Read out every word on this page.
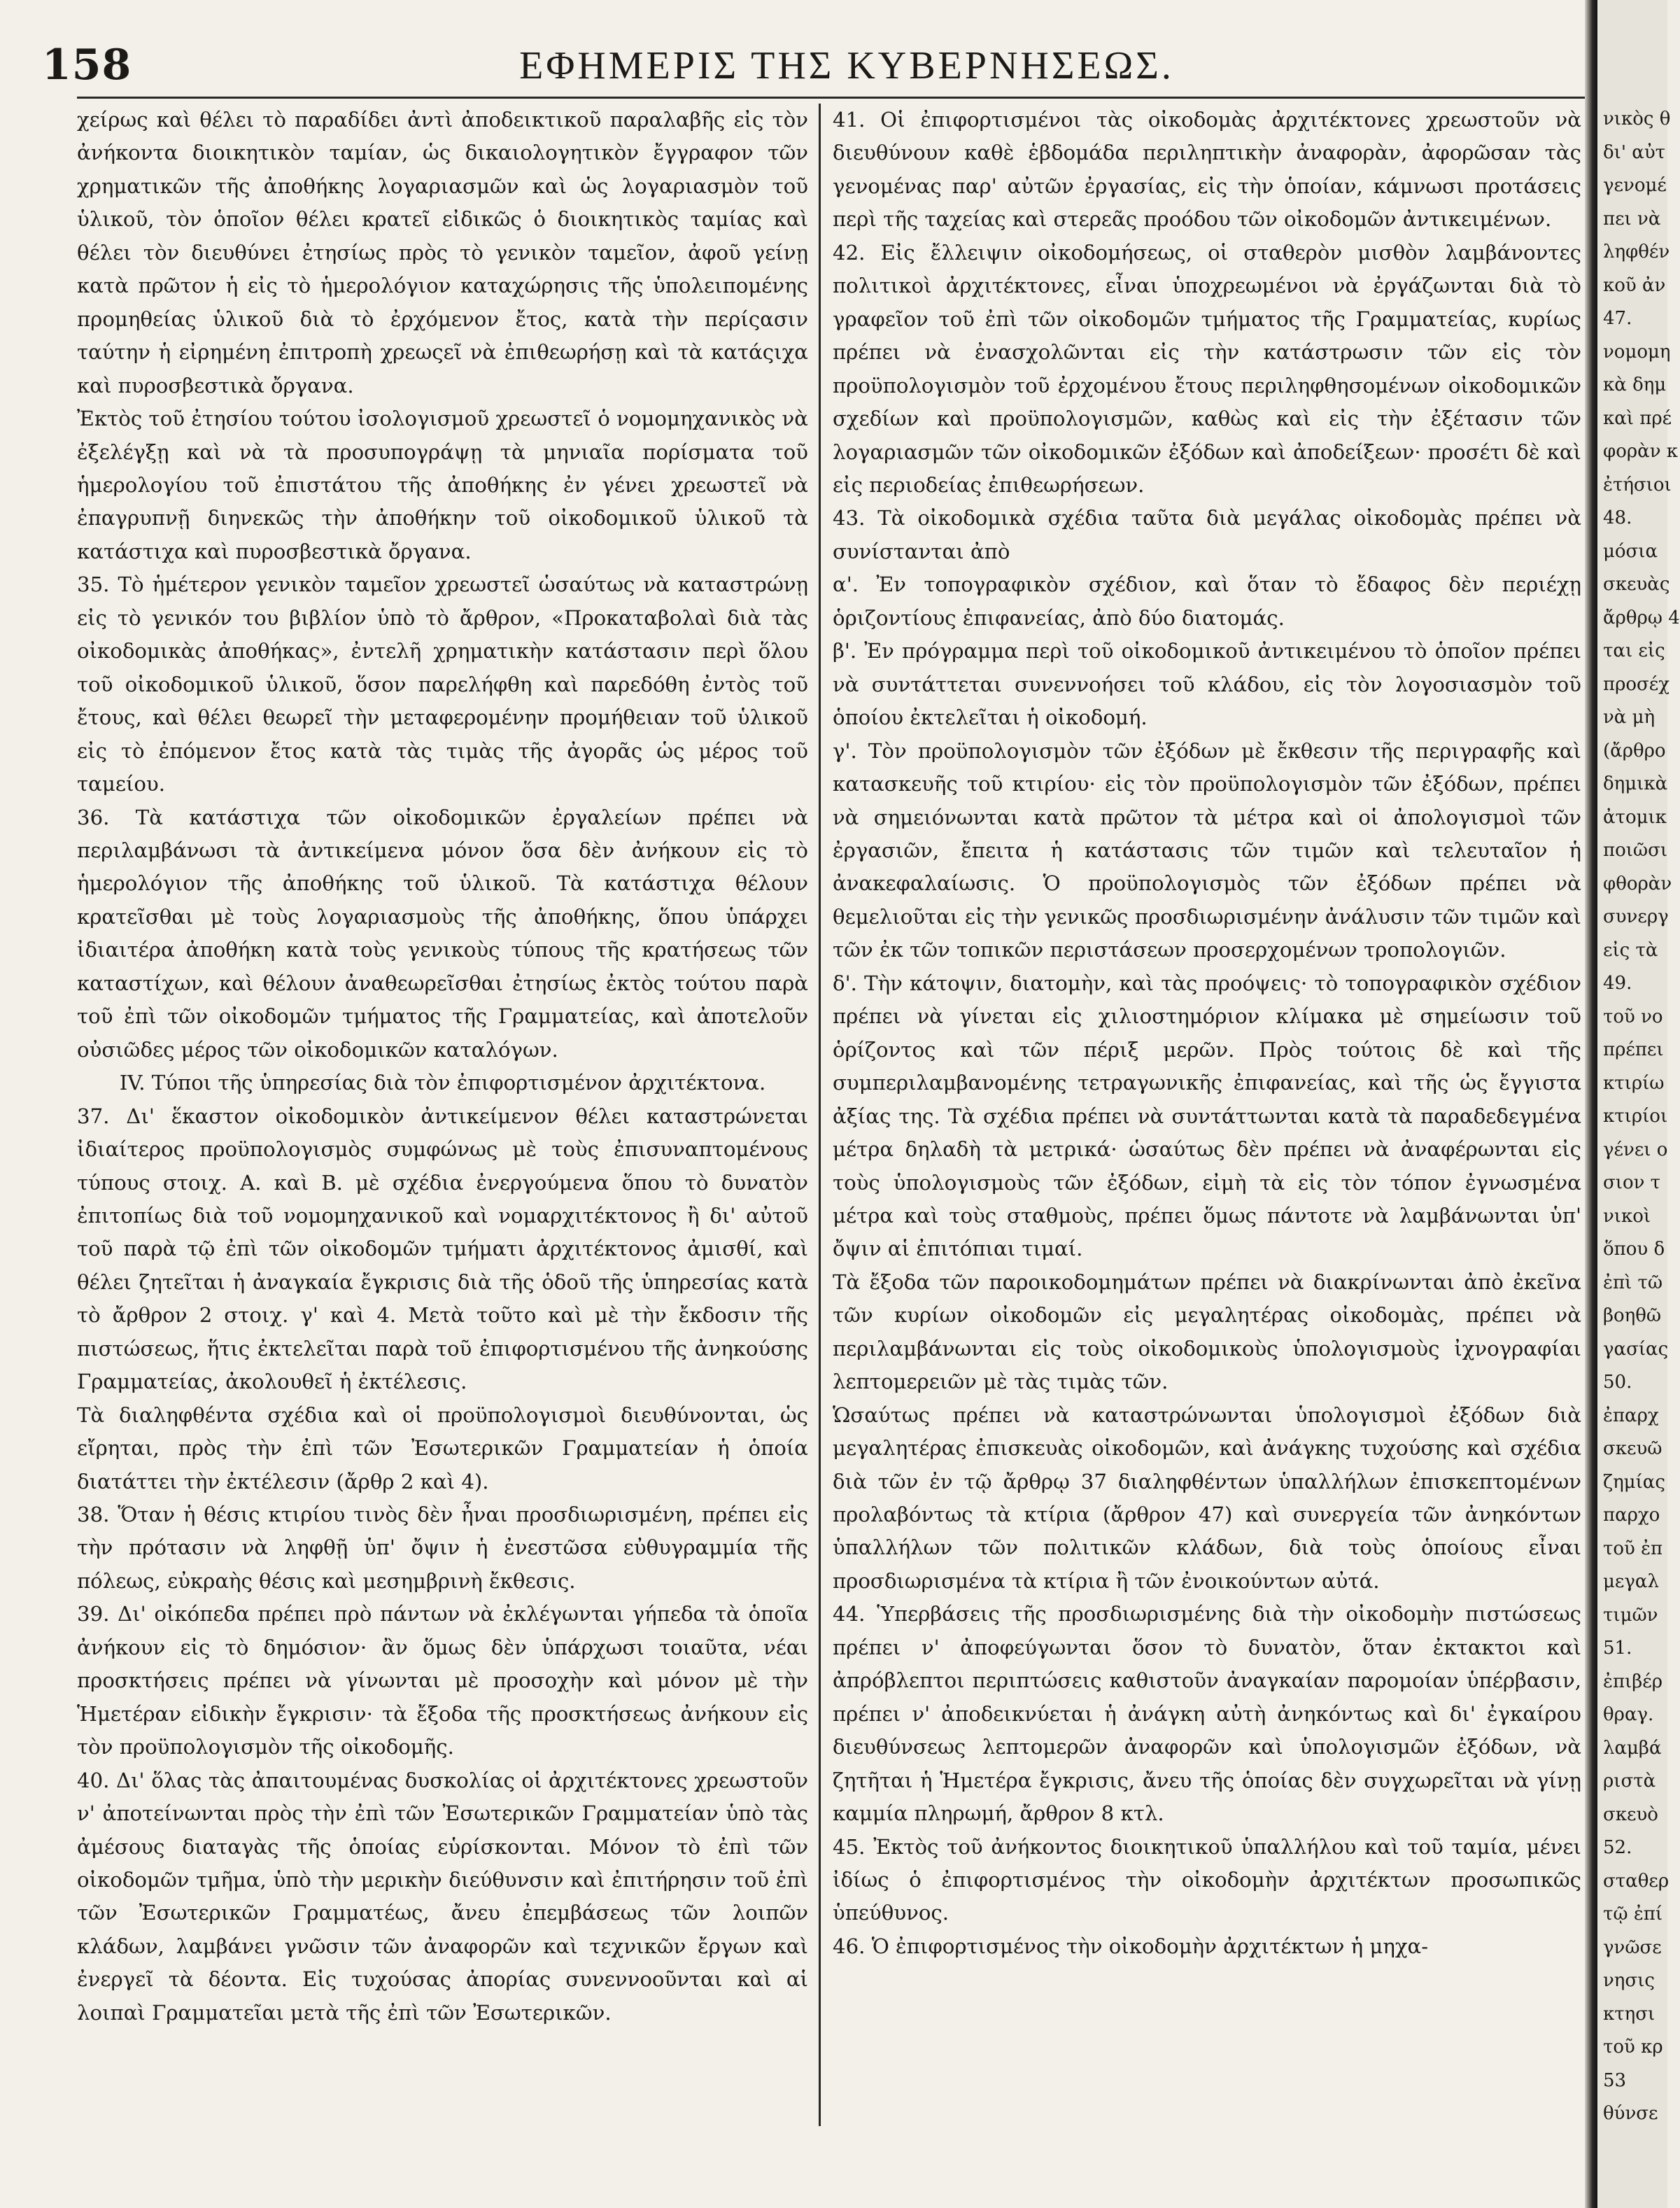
158	ΕΦΗΜΕΡΙΣ ΤΗΣ ΚΥΒΕΡΝΗΣΕΩΣ.

χείρως καὶ θέλει τὸ παραδίδει ἀντὶ ἀποδεικτικοῦ παραλαβῆς εἰς τὸν ἀνήκοντα διοικητικὸν ταμίαν, ὡς δικαιολογητικὸν ἔγγραφον τῶν χρηματικῶν τῆς ἀποθήκης λογαριασμῶν καὶ ὡς λογαριασμὸν τοῦ ὑλικοῦ, τὸν ὁποῖον θέλει κρατεῖ εἰδικῶς ὁ διοικητικὸς ταμίας καὶ θέλει τὸν διευθύνει ἐτησίως πρὸς τὸ γενικὸν ταμεῖον, ἀφοῦ γείνῃ κατὰ πρῶτον ἡ εἰς τὸ ἡμερολόγιον καταχώρησις τῆς ὑπολειπομένης προμηθείας ὑλικοῦ διὰ τὸ ἐρχόμενον ἔτος, κατὰ τὴν περίςασιν ταύτην ἡ εἰρημένη ἐπιτροπὴ χρεωςεῖ νὰ ἐπιθεωρήσῃ καὶ τὰ κατάςιχα καὶ πυροσβεστικὰ ὄργανα.

Ἐκτὸς τοῦ ἐτησίου τούτου ἰσολογισμοῦ χρεωστεῖ ὁ νομομηχανικὸς νὰ ἐξελέγξῃ καὶ νὰ τὰ προσυπογράψῃ τὰ μηνιαῖα πορίσματα τοῦ ἡμερολογίου τοῦ ἐπιστάτου τῆς ἀποθήκης ἐν γένει χρεωστεῖ νὰ ἐπαγρυπνῇ διηνεκῶς τὴν ἀποθήκην τοῦ οἰκοδομικοῦ ὑλικοῦ τὰ κατάστιχα καὶ πυροσβεστικὰ ὄργανα.

35. Τὸ ἡμέτερον γενικὸν ταμεῖον χρεωστεῖ ὡσαύτως νὰ καταστρώνῃ εἰς τὸ γενικόν του βιβλίον ὑπὸ τὸ ἄρθρον, «Προκαταβολαὶ διὰ τὰς οἰκοδομικὰς ἀποθήκας», ἐντελῆ χρηματικὴν κατάστασιν περὶ ὅλου τοῦ οἰκοδομικοῦ ὑλικοῦ, ὅσον παρελήφθη καὶ παρεδόθη ἐντὸς τοῦ ἔτους, καὶ θέλει θεωρεῖ τὴν μεταφερομένην προμήθειαν τοῦ ὑλικοῦ εἰς τὸ ἐπόμενον ἔτος κατὰ τὰς τιμὰς τῆς ἀγορᾶς ὡς μέρος τοῦ ταμείου.

36. Τὰ κατάστιχα τῶν οἰκοδομικῶν ἐργαλείων πρέπει νὰ περιλαμβάνωσι τὰ ἀντικείμενα μόνον ὅσα δὲν ἀνήκουν εἰς τὸ ἡμερολόγιον τῆς ἀποθήκης τοῦ ὑλικοῦ. Τὰ κατάστιχα θέλουν κρατεῖσθαι μὲ τοὺς λογαριασμοὺς τῆς ἀποθήκης, ὅπου ὑπάρχει ἰδιαιτέρα ἀποθήκη κατὰ τοὺς γενικοὺς τύπους τῆς κρατήσεως τῶν καταστίχων, καὶ θέλουν ἀναθεωρεῖσθαι ἐτησίως ἐκτὸς τούτου παρὰ τοῦ ἐπὶ τῶν οἰκοδομῶν τμήματος τῆς Γραμματείας, καὶ ἀποτελοῦν οὐσιῶδες μέρος τῶν οἰκοδομικῶν καταλόγων.

IV. Τύποι τῆς ὑπηρεσίας διὰ τὸν ἐπιφορτισμένον ἀρχιτέκτονα.

37. Δι' ἕκαστον οἰκοδομικὸν ἀντικείμενον θέλει καταστρώνεται ἰδιαίτερος προϋπολογισμὸς συμφώνως μὲ τοὺς ἐπισυναπτομένους τύπους στοιχ. Α. καὶ Β. μὲ σχέδια ἐνεργούμενα ὅπου τὸ δυνατὸν ἐπιτοπίως διὰ τοῦ νομομηχανικοῦ καὶ νομαρχιτέκτονος ἢ δι' αὐτοῦ τοῦ παρὰ τῷ ἐπὶ τῶν οἰκοδομῶν τμήματι ἀρχιτέκτονος ἀμισθί, καὶ θέλει ζητεῖται ἡ ἀναγκαία ἔγκρισις διὰ τῆς ὁδοῦ τῆς ὑπηρεσίας κατὰ τὸ ἄρθρον 2 στοιχ. γ' καὶ 4. Μετὰ τοῦτο καὶ μὲ τὴν ἔκδοσιν τῆς πιστώσεως, ἥτις ἐκτελεῖται παρὰ τοῦ ἐπιφορτισμένου τῆς ἀνηκούσης Γραμματείας, ἀκολουθεῖ ἡ ἐκτέλεσις.

Τὰ διαληφθέντα σχέδια καὶ οἱ προϋπολογισμοὶ διευθύνονται, ὡς εἴρηται, πρὸς τὴν ἐπὶ τῶν Ἐσωτερικῶν Γραμματείαν ἡ ὁποία διατάττει τὴν ἐκτέλεσιν (ἄρθρ 2 καὶ 4).

38. Ὅταν ἡ θέσις κτιρίου τινὸς δὲν ἦναι προσδιωρισμένη, πρέπει εἰς τὴν πρότασιν νὰ ληφθῇ ὑπ' ὄψιν ἡ ἐνεστῶσα εὐθυγραμμία τῆς πόλεως, εὐκραὴς θέσις καὶ μεσημβρινὴ ἔκθεσις.

39. Δι' οἰκόπεδα πρέπει πρὸ πάντων νὰ ἐκλέγωνται γήπεδα τὰ ὁποῖα ἀνήκουν εἰς τὸ δημόσιον· ἂν ὅμως δὲν ὑπάρχωσι τοιαῦτα, νέαι προσκτήσεις πρέπει νὰ γίνωνται μὲ προσοχὴν καὶ μόνον μὲ τὴν Ἡμετέραν εἰδικὴν ἔγκρισιν· τὰ ἔξοδα τῆς προσκτήσεως ἀνήκουν εἰς τὸν προϋπολογισμὸν τῆς οἰκοδομῆς.

40. Δι' ὅλας τὰς ἀπαιτουμένας δυσκολίας οἱ ἀρχιτέκτονες χρεωστοῦν ν' ἀποτείνωνται πρὸς τὴν ἐπὶ τῶν Ἐσωτερικῶν Γραμματείαν ὑπὸ τὰς ἀμέσους διαταγὰς τῆς ὁποίας εὑρίσκονται. Μόνον τὸ ἐπὶ τῶν οἰκοδομῶν τμῆμα, ὑπὸ τὴν μερικὴν διεύθυνσιν καὶ ἐπιτήρησιν τοῦ ἐπὶ τῶν Ἐσωτερικῶν Γραμματέως, ἄνευ ἐπεμβάσεως τῶν λοιπῶν κλάδων, λαμβάνει γνῶσιν τῶν ἀναφορῶν καὶ τεχνικῶν ἔργων καὶ ἐνεργεῖ τὰ δέοντα. Εἰς τυχούσας ἀπορίας συνεννοοῦνται καὶ αἱ λοιπαὶ Γραμματεῖαι μετὰ τῆς ἐπὶ τῶν Ἐσωτερικῶν.

41. Οἱ ἐπιφορτισμένοι τὰς οἰκοδομὰς ἀρχιτέκτονες χρεωστοῦν νὰ διευθύνουν καθὲ ἑβδομάδα περιληπτικὴν ἀναφορὰν, ἀφορῶσαν τὰς γενομένας παρ' αὐτῶν ἐργασίας, εἰς τὴν ὁποίαν, κάμνωσι προτάσεις περὶ τῆς ταχείας καὶ στερεᾶς προόδου τῶν οἰκοδομῶν ἀντικειμένων.

42. Εἰς ἔλλειψιν οἰκοδομήσεως, οἱ σταθερὸν μισθὸν λαμβάνοντες πολιτικοὶ ἀρχιτέκτονες, εἶναι ὑποχρεωμένοι νὰ ἐργάζωνται διὰ τὸ γραφεῖον τοῦ ἐπὶ τῶν οἰκοδομῶν τμήματος τῆς Γραμματείας, κυρίως πρέπει νὰ ἐνασχολῶνται εἰς τὴν κατάστρωσιν τῶν εἰς τὸν προϋπολογισμὸν τοῦ ἐρχομένου ἔτους περιληφθησομένων οἰκοδομικῶν σχεδίων καὶ προϋπολογισμῶν, καθὼς καὶ εἰς τὴν ἐξέτασιν τῶν λογαριασμῶν τῶν οἰκοδομικῶν ἐξόδων καὶ ἀποδείξεων· προσέτι δὲ καὶ εἰς περιοδείας ἐπιθεωρήσεων.

43. Τὰ οἰκοδομικὰ σχέδια ταῦτα διὰ μεγάλας οἰκοδομὰς πρέπει νὰ συνίστανται ἀπὸ

α'. Ἐν τοπογραφικὸν σχέδιον, καὶ ὅταν τὸ ἔδαφος δὲν περιέχῃ ὁριζοντίους ἐπιφανείας, ἀπὸ δύο διατομάς.

β'. Ἐν πρόγραμμα περὶ τοῦ οἰκοδομικοῦ ἀντικειμένου τὸ ὁποῖον πρέπει νὰ συντάττεται συνεννοήσει τοῦ κλάδου, εἰς τὸν λογοσιασμὸν τοῦ ὁποίου ἐκτελεῖται ἡ οἰκοδομή.

γ'. Τὸν προϋπολογισμὸν τῶν ἐξόδων μὲ ἔκθεσιν τῆς περιγραφῆς καὶ κατασκευῆς τοῦ κτιρίου· εἰς τὸν προϋπολογισμὸν τῶν ἐξόδων, πρέπει νὰ σημειόνωνται κατὰ πρῶτον τὰ μέτρα καὶ οἱ ἀπολογισμοὶ τῶν ἐργασιῶν, ἔπειτα ἡ κατάστασις τῶν τιμῶν καὶ τελευταῖον ἡ ἀνακεφαλαίωσις. Ὁ προϋπολογισμὸς τῶν ἐξόδων πρέπει νὰ θεμελιοῦται εἰς τὴν γενικῶς προσδιωρισμένην ἀνάλυσιν τῶν τιμῶν καὶ τῶν ἐκ τῶν τοπικῶν περιστάσεων προσερχομένων τροπολογιῶν.

δ'. Τὴν κάτοψιν, διατομὴν, καὶ τὰς προόψεις· τὸ τοπογραφικὸν σχέδιον πρέπει νὰ γίνεται εἰς χιλιοστημόριον κλίμακα μὲ σημείωσιν τοῦ ὁρίζοντος καὶ τῶν πέριξ μερῶν. Πρὸς τούτοις δὲ καὶ τῆς συμπεριλαμβανομένης τετραγωνικῆς ἐπιφανείας, καὶ τῆς ὡς ἔγγιστα ἀξίας της. Τὰ σχέδια πρέπει νὰ συντάττωνται κατὰ τὰ παραδεδεγμένα μέτρα δηλαδὴ τὰ μετρικά· ὡσαύτως δὲν πρέπει νὰ ἀναφέρωνται εἰς τοὺς ὑπολογισμοὺς τῶν ἐξόδων, εἰμὴ τὰ εἰς τὸν τόπον ἐγνωσμένα μέτρα καὶ τοὺς σταθμοὺς, πρέπει ὅμως πάντοτε νὰ λαμβάνωνται ὑπ' ὄψιν αἱ ἐπιτόπιαι τιμαί.

Τὰ ἔξοδα τῶν παροικοδομημάτων πρέπει νὰ διακρίνωνται ἀπὸ ἐκεῖνα τῶν κυρίων οἰκοδομῶν εἰς μεγαλητέρας οἰκοδομὰς, πρέπει νὰ περιλαμβάνωνται εἰς τοὺς οἰκοδομικοὺς ὑπολογισμοὺς ἰχνογραφίαι λεπτομερειῶν μὲ τὰς τιμὰς τῶν.

Ὡσαύτως πρέπει νὰ καταστρώνωνται ὑπολογισμοὶ ἐξόδων διὰ μεγαλητέρας ἐπισκευὰς οἰκοδομῶν, καὶ ἀνάγκης τυχούσης καὶ σχέδια διὰ τῶν ἐν τῷ ἄρθρῳ 37 διαληφθέντων ὑπαλλήλων ἐπισκεπτομένων προλαβόντως τὰ κτίρια (ἄρθρον 47) καὶ συνεργεία τῶν ἀνηκόντων ὑπαλλήλων τῶν πολιτικῶν κλάδων, διὰ τοὺς ὁποίους εἶναι προσδιωρισμένα τὰ κτίρια ἢ τῶν ἐνοικούντων αὐτά.

44. Ὑπερβάσεις τῆς προσδιωρισμένης διὰ τὴν οἰκοδομὴν πιστώσεως πρέπει ν' ἀποφεύγωνται ὅσον τὸ δυνατὸν, ὅταν ἐκτακτοι καὶ ἀπρόβλεπτοι περιπτώσεις καθιστοῦν ἀναγκαίαν παρομοίαν ὑπέρβασιν, πρέπει ν' ἀποδεικνύεται ἡ ἀνάγκη αὐτὴ ἀνηκόντως καὶ δι' ἐγκαίρου διευθύνσεως λεπτομερῶν ἀναφορῶν καὶ ὑπολογισμῶν ἐξόδων, νὰ ζητῆται ἡ Ἡμετέρα ἔγκρισις, ἄνευ τῆς ὁποίας δὲν συγχωρεῖται νὰ γίνῃ καμμία πληρωμή, ἄρθρον 8 κτλ.

45. Ἐκτὸς τοῦ ἀνήκοντος διοικητικοῦ ὑπαλλήλου καὶ τοῦ ταμία, μένει ἰδίως ὁ ἐπιφορτισμένος τὴν οἰκοδομὴν ἀρχιτέκτων προσωπικῶς ὑπεύθυνος.

46. Ὁ ἐπιφορτισμένος τὴν οἰκοδομὴν ἀρχιτέκτων ἡ μηχα-

νικὸς θ
δι' αὐτ
γενομέ
πει νὰ
ληφθέν
κοῦ ἀν
47.
νομομη
κὰ δημ
καὶ πρέ
φορὰν κ
ἐτήσιοι
48.
μόσια
σκευὰς
ἄρθρῳ 4
ται εἰς
προσέχ
νὰ μὴ
(ἄρθρο
δημικὰ
ἀτομικ
ποιῶσι
φθορὰν
συνεργ
εἰς τὰ
49.
τοῦ νο
πρέπει
κτιρίω
κτιρίοι
γένει ο
σιον τ
νικοὶ
ὅπου δ
ἐπὶ τῶ
βοηθῶ
γασίας
50.
ἐπαρχ
σκευῶ
ζημίας
παρχο
τοῦ ἐπ
μεγαλ
τιμῶν
51.
ἐπιβέρ
θραγ.
λαμβά
ριστὰ
σκευὸ
52.
σταθερ
τῷ ἐπί
γνῶσε
νησις
κτησι
τοῦ κρ
53
θύνσε
